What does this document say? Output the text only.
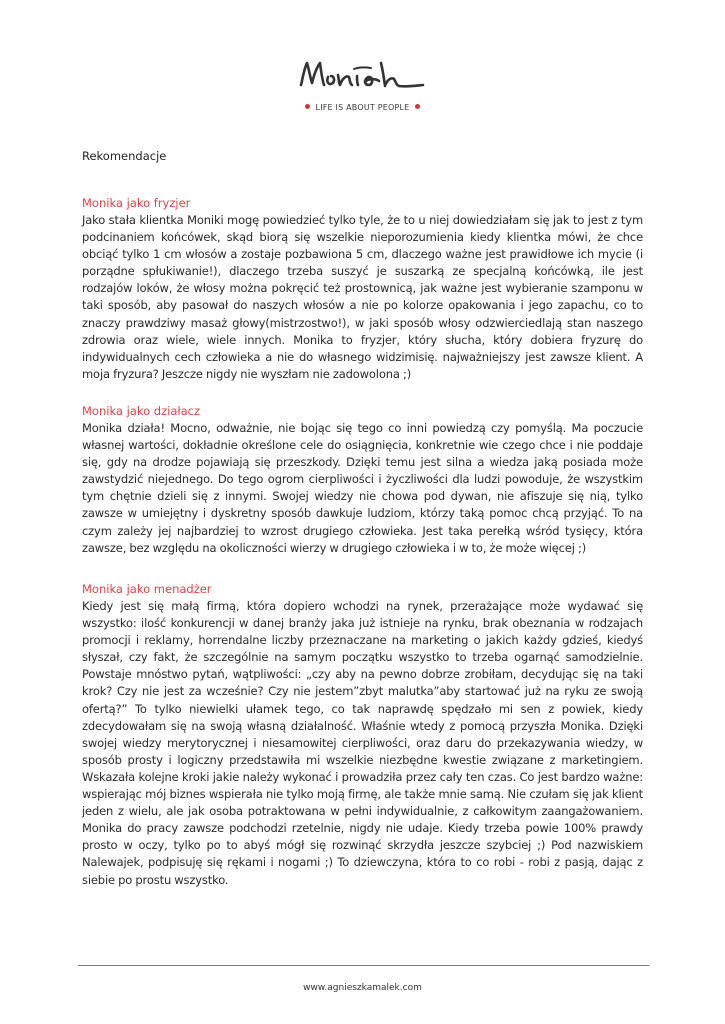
LIFE IS ABOUT PEOPLE
Rekomendacje
Monika jako fryzjer
Jako stała klientka Moniki mogę powiedzieć tylko tyle, że to u niej dowiedziałam się jak to jest z tym podcinaniem końcówek, skąd biorą się wszelkie nieporozumienia kiedy klientka mówi, że chce obciąć tylko 1 cm włosów a zostaje pozbawiona 5 cm, dlaczego ważne jest prawidłowe ich mycie (i porządne spłukiwanie!), dlaczego trzeba suszyć je suszarką ze specjalną końcówką, ile jest rodzajów loków, że włosy można pokręcić też prostownicą, jak ważne jest wybieranie szamponu w taki sposób, aby pasował do naszych włosów a nie po kolorze opakowania i jego zapachu, co to znaczy prawdziwy masaż głowy(mistrzostwo!), w jaki sposób włosy odzwierciedlają stan naszego zdrowia oraz wiele, wiele innych. Monika to fryzjer, który słucha, który dobiera fryzurę do indywidualnych cech człowieka a nie do własnego widzimisię. najważniejszy jest zawsze klient. A moja fryzura? Jeszcze nigdy nie wyszłam nie zadowolona ;)
Monika jako działacz
Monika działa! Mocno, odważnie, nie bojąc się tego co inni powiedzą czy pomyślą. Ma poczucie własnej wartości, dokładnie określone cele do osiągnięcia, konkretnie wie czego chce i nie poddaje się, gdy na drodze pojawiają się przeszkody. Dzięki temu jest silna a wiedza jaką posiada może zawstydzić niejednego. Do tego ogrom cierpliwości i życzliwości dla ludzi powoduje, że wszystkim tym chętnie dzieli się z innymi. Swojej wiedzy nie chowa pod dywan, nie afiszuje się nią, tylko zawsze w umiejętny i dyskretny sposób dawkuje ludziom, którzy taką pomoc chcą przyjąć. To na czym zależy jej najbardziej to wzrost drugiego człowieka. Jest taka perełką wśród tysięcy, która zawsze, bez względu na okoliczności wierzy w drugiego człowieka i w to, że może więcej ;)
Monika jako menadżer
Kiedy jest się małą firmą, która dopiero wchodzi na rynek, przerażające może wydawać się wszystko: ilość konkurencji w danej branży jaka już istnieje na rynku, brak obeznania w rodzajach promocji i reklamy, horrendalne liczby przeznaczane na marketing o jakich każdy gdzieś, kiedyś słyszał, czy fakt, że szczególnie na samym początku wszystko to trzeba ogarnąć samodzielnie. Powstaje mnóstwo pytań, wątpliwości: „czy aby na pewno dobrze zrobiłam, decydując się na taki krok? Czy nie jest za wcześnie? Czy nie jestem”zbyt malutka”aby startować już na ryku ze swoją ofertą?” To tylko niewielki ułamek tego, co tak naprawdę spędzało mi sen z powiek, kiedy zdecydowałam się na swoją własną działalność. Właśnie wtedy z pomocą przyszła Monika. Dzięki swojej wiedzy merytorycznej i niesamowitej cierpliwości, oraz daru do przekazywania wiedzy, w sposób prosty i logiczny przedstawiła mi wszelkie niezbędne kwestie związane z marketingiem. Wskazała kolejne kroki jakie należy wykonać i prowadziła przez cały ten czas. Co jest bardzo ważne: wspierając mój biznes wspierała nie tylko moją firmę, ale także mnie samą. Nie czułam się jak klient jeden z wielu, ale jak osoba potraktowana w pełni indywidualnie, z całkowitym zaangażowaniem. Monika do pracy zawsze podchodzi rzetelnie, nigdy nie udaje. Kiedy trzeba powie 100% prawdy prosto w oczy, tylko po to abyś mógł się rozwinąć skrzydła jeszcze szybciej ;) Pod nazwiskiem Nalewajek, podpisuję się rękami i nogami ;) To dziewczyna, która to co robi - robi z pasją, dając z siebie po prostu wszystko.
www.agnieszkamalek.com
